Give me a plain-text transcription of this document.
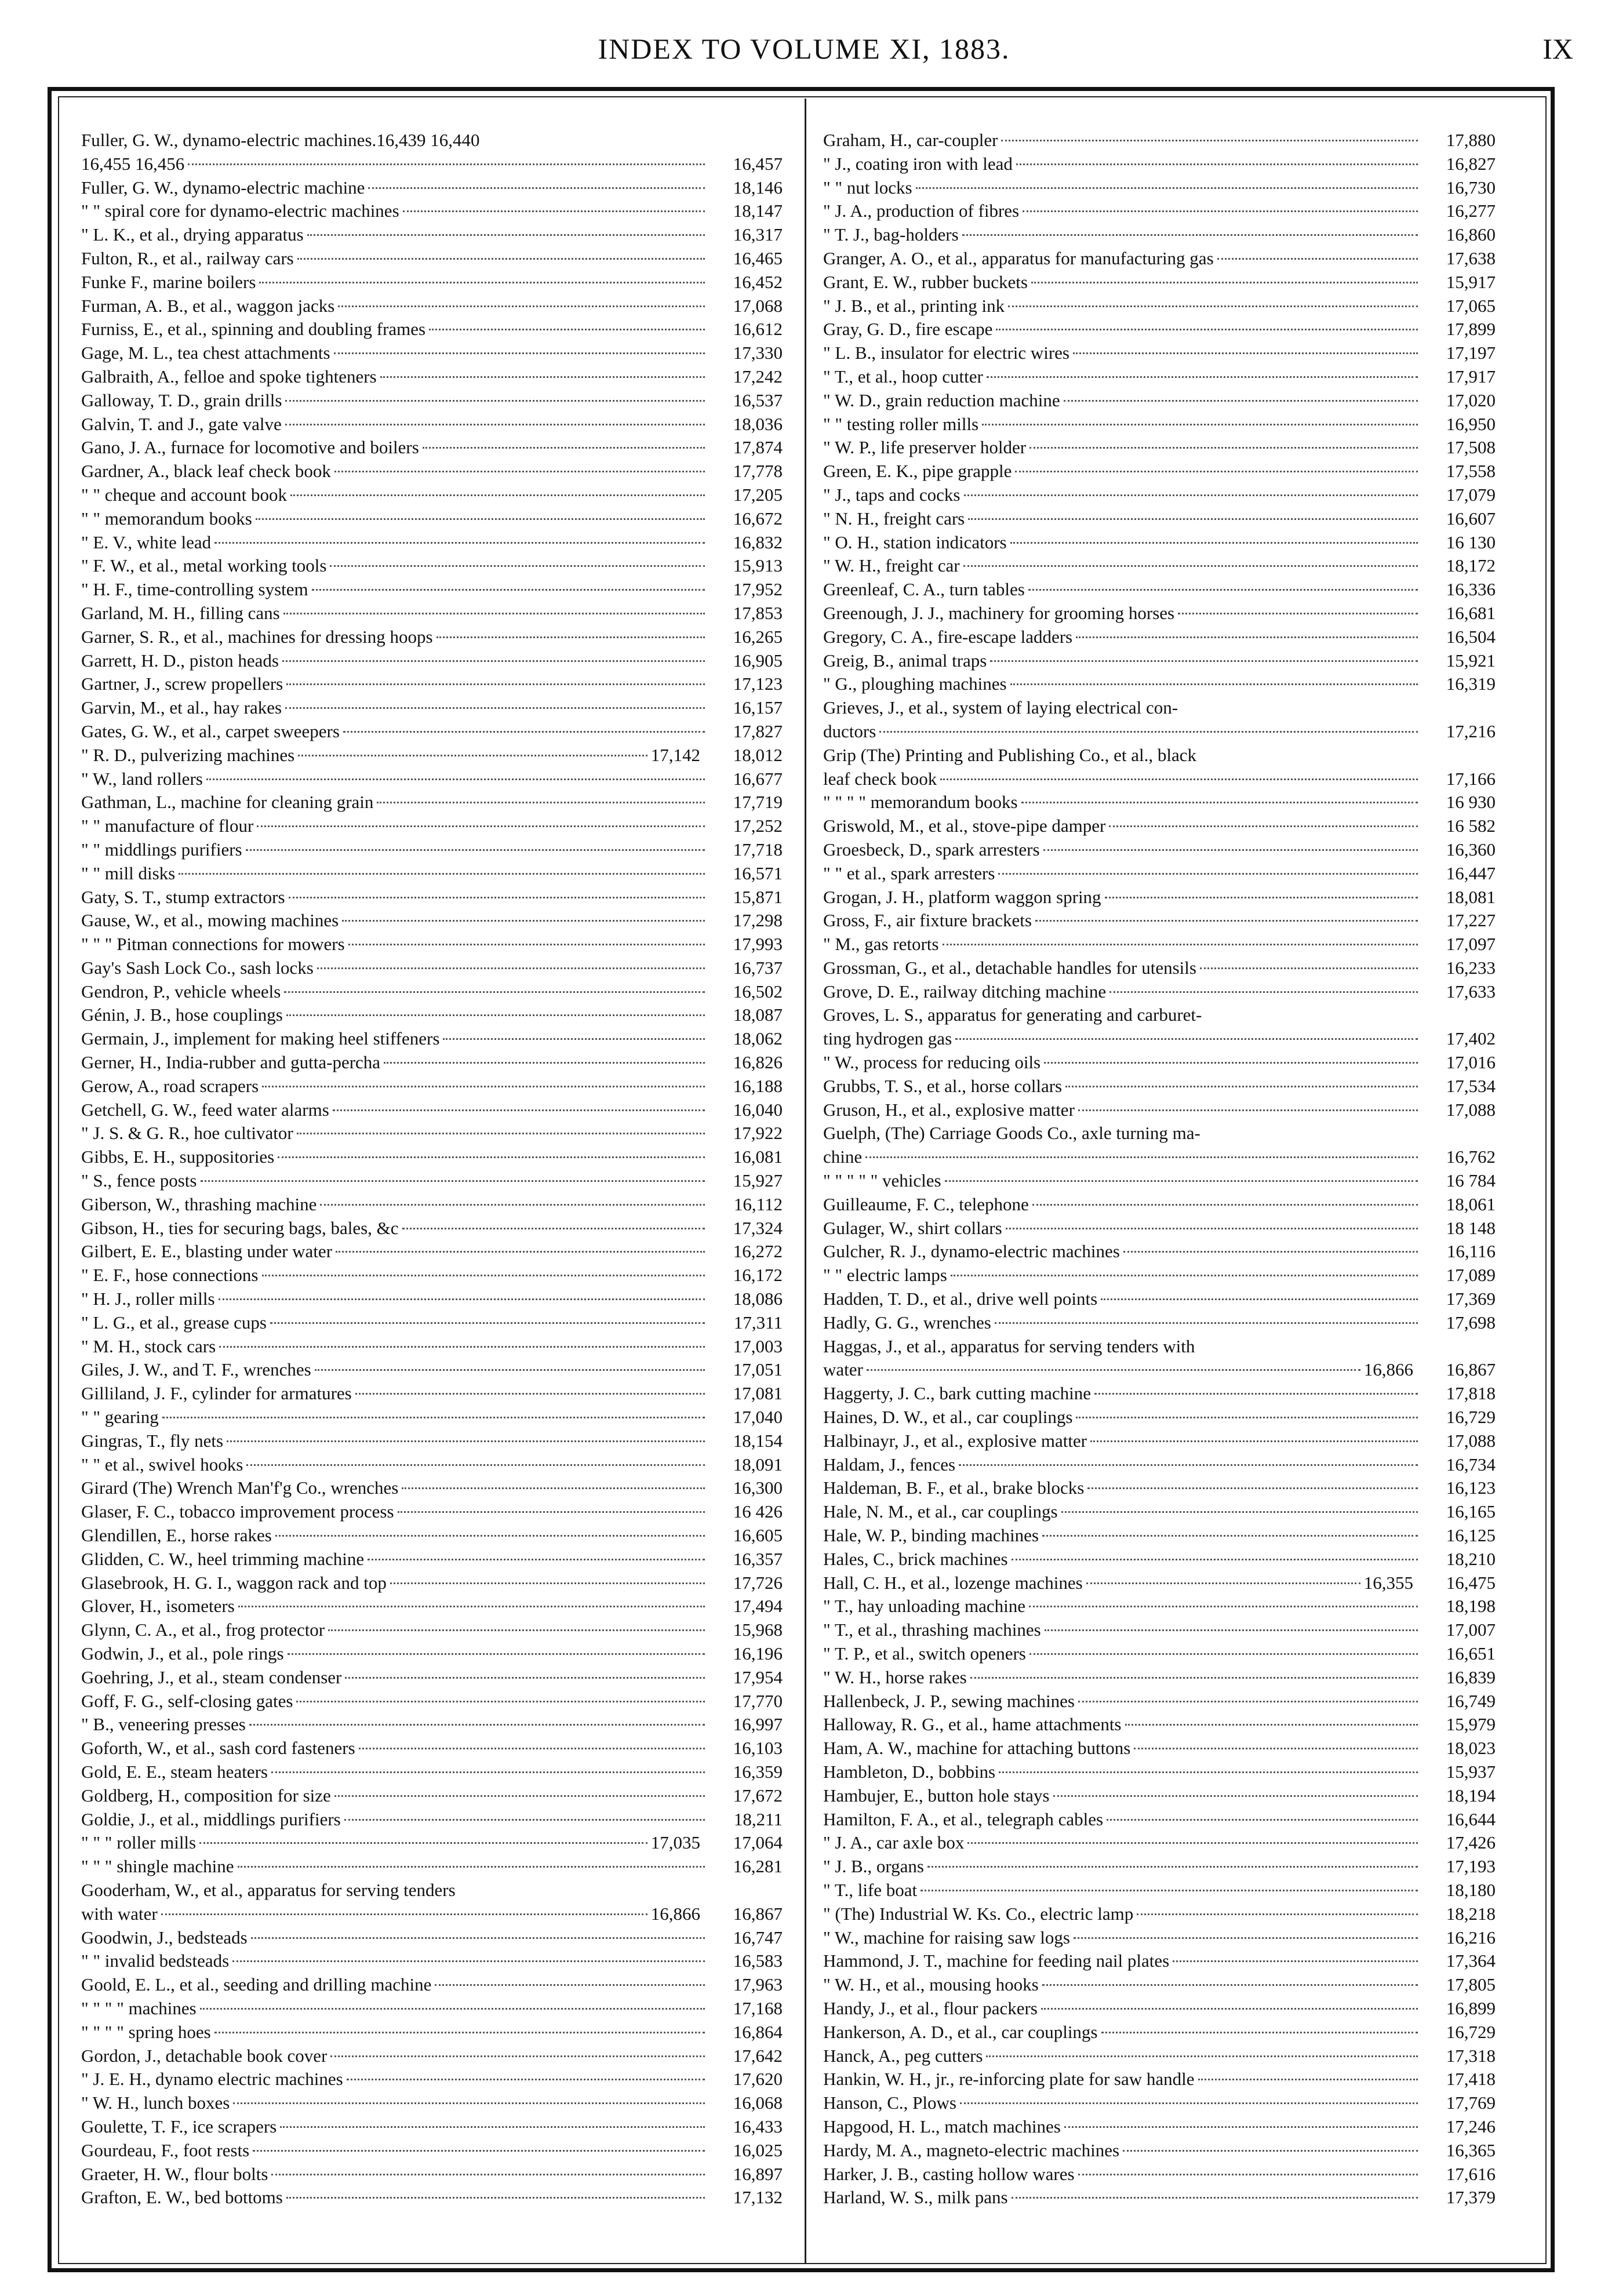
INDEX TO VOLUME XI, 1883.	IX
Fuller, G. W., dynamo-electric machines.16,439 16,440
16,455 16,456	16,457
Fuller, G. W., dynamo-electric machine	18,146
" " spiral core for dynamo-electric machines	18,147
" L. K., et al., drying apparatus	16,317
Fulton, R., et al., railway cars	16,465
Funke F., marine boilers	16,452
Furman, A. B., et al., waggon jacks	17,068
Furniss, E., et al., spinning and doubling frames	16,612
Gage, M. L., tea chest attachments	17,330
Galbraith, A., felloe and spoke tighteners	17,242
Galloway, T. D., grain drills	16,537
Galvin, T. and J., gate valve	18,036
Gano, J. A., furnace for locomotive and boilers	17,874
Gardner, A., black leaf check book	17,778
" " cheque and account book	17,205
" " memorandum books	16,672
" E. V., white lead	16,832
" F. W., et al., metal working tools	15,913
" H. F., time-controlling system	17,952
Garland, M. H., filling cans	17,853
Garner, S. R., et al., machines for dressing hoops	16,265
Garrett, H. D., piston heads	16,905
Gartner, J., screw propellers	17,123
Garvin, M., et al., hay rakes	16,157
Gates, G. W., et al., carpet sweepers	17,827
" R. D., pulverizing machines	17,142	18,012
" W., land rollers	16,677
Gathman, L., machine for cleaning grain	17,719
" " manufacture of flour	17,252
" " middlings purifiers	17,718
" " mill disks	16,571
Gaty, S. T., stump extractors	15,871
Gause, W., et al., mowing machines	17,298
" " " Pitman connections for mowers	17,993
Gay's Sash Lock Co., sash locks	16,737
Gendron, P., vehicle wheels	16,502
Génin, J. B., hose couplings	18,087
Germain, J., implement for making heel stiffeners	18,062
Gerner, H., India-rubber and gutta-percha	16,826
Gerow, A., road scrapers	16,188
Getchell, G. W., feed water alarms	16,040
" J. S. & G. R., hoe cultivator	17,922
Gibbs, E. H., suppositories	16,081
" S., fence posts	15,927
Giberson, W., thrashing machine	16,112
Gibson, H., ties for securing bags, bales, &c	17,324
Gilbert, E. E., blasting under water	16,272
" E. F., hose connections	16,172
" H. J., roller mills	18,086
" L. G., et al., grease cups	17,311
" M. H., stock cars	17,003
Giles, J. W., and T. F., wrenches	17,051
Gilliland, J. F., cylinder for armatures	17,081
" " gearing	17,040
Gingras, T., fly nets	18,154
" " et al., swivel hooks	18,091
Girard (The) Wrench Man'f'g Co., wrenches	16,300
Glaser, F. C., tobacco improvement process	16 426
Glendillen, E., horse rakes	16,605
Glidden, C. W., heel trimming machine	16,357
Glasebrook, H. G. I., waggon rack and top	17,726
Glover, H., isometers	17,494
Glynn, C. A., et al., frog protector	15,968
Godwin, J., et al., pole rings	16,196
Goehring, J., et al., steam condenser	17,954
Goff, F. G., self-closing gates	17,770
" B., veneering presses	16,997
Goforth, W., et al., sash cord fasteners	16,103
Gold, E. E., steam heaters	16,359
Goldberg, H., composition for size	17,672
Goldie, J., et al., middlings purifiers	18,211
" " " roller mills	17,035	17,064
" " " shingle machine	16,281
Gooderham, W., et al., apparatus for serving tenders
with water	16,866	16,867
Goodwin, J., bedsteads	16,747
" " invalid bedsteads	16,583
Goold, E. L., et al., seeding and drilling machine	17,963
" " " " machines	17,168
" " " " spring hoes	16,864
Gordon, J., detachable book cover	17,642
" J. E. H., dynamo electric machines	17,620
" W. H., lunch boxes	16,068
Goulette, T. F., ice scrapers	16,433
Gourdeau, F., foot rests	16,025
Graeter, H. W., flour bolts	16,897
Grafton, E. W., bed bottoms	17,132
Graham, H., car-coupler	17,880
" J., coating iron with lead	16,827
" " nut locks	16,730
" J. A., production of fibres	16,277
" T. J., bag-holders	16,860
Granger, A. O., et al., apparatus for manufacturing gas	17,638
Grant, E. W., rubber buckets	15,917
" J. B., et al., printing ink	17,065
Gray, G. D., fire escape	17,899
" L. B., insulator for electric wires	17,197
" T., et al., hoop cutter	17,917
" W. D., grain reduction machine	17,020
" " testing roller mills	16,950
" W. P., life preserver holder	17,508
Green, E. K., pipe grapple	17,558
" J., taps and cocks	17,079
" N. H., freight cars	16,607
" O. H., station indicators	16 130
" W. H., freight car	18,172
Greenleaf, C. A., turn tables	16,336
Greenough, J. J., machinery for grooming horses	16,681
Gregory, C. A., fire-escape ladders	16,504
Greig, B., animal traps	15,921
" G., ploughing machines	16,319
Grieves, J., et al., system of laying electrical con-
ductors	17,216
Grip (The) Printing and Publishing Co., et al., black
leaf check book	17,166
" " " " memorandum books	16 930
Griswold, M., et al., stove-pipe damper	16 582
Groesbeck, D., spark arresters	16,360
" " et al., spark arresters	16,447
Grogan, J. H., platform waggon spring	18,081
Gross, F., air fixture brackets	17,227
" M., gas retorts	17,097
Grossman, G., et al., detachable handles for utensils	16,233
Grove, D. E., railway ditching machine	17,633
Groves, L. S., apparatus for generating and carburet-
ting hydrogen gas	17,402
" W., process for reducing oils	17,016
Grubbs, T. S., et al., horse collars	17,534
Gruson, H., et al., explosive matter	17,088
Guelph, (The) Carriage Goods Co., axle turning ma-
chine	16,762
" " " " " vehicles	16 784
Guilleaume, F. C., telephone	18,061
Gulager, W., shirt collars	18 148
Gulcher, R. J., dynamo-electric machines	16,116
" " electric lamps	17,089
Hadden, T. D., et al., drive well points	17,369
Hadly, G. G., wrenches	17,698
Haggas, J., et al., apparatus for serving tenders with
water	16,866	16,867
Haggerty, J. C., bark cutting machine	17,818
Haines, D. W., et al., car couplings	16,729
Halbinayr, J., et al., explosive matter	17,088
Haldam, J., fences	16,734
Haldeman, B. F., et al., brake blocks	16,123
Hale, N. M., et al., car couplings	16,165
Hale, W. P., binding machines	16,125
Hales, C., brick machines	18,210
Hall, C. H., et al., lozenge machines	16,355	16,475
" T., hay unloading machine	18,198
" T., et al., thrashing machines	17,007
" T. P., et al., switch openers	16,651
" W. H., horse rakes	16,839
Hallenbeck, J. P., sewing machines	16,749
Halloway, R. G., et al., hame attachments	15,979
Ham, A. W., machine for attaching buttons	18,023
Hambleton, D., bobbins	15,937
Hambujer, E., button hole stays	18,194
Hamilton, F. A., et al., telegraph cables	16,644
" J. A., car axle box	17,426
" J. B., organs	17,193
" T., life boat	18,180
" (The) Industrial W. Ks. Co., electric lamp	18,218
" W., machine for raising saw logs	16,216
Hammond, J. T., machine for feeding nail plates	17,364
" W. H., et al., mousing hooks	17,805
Handy, J., et al., flour packers	16,899
Hankerson, A. D., et al., car couplings	16,729
Hanck, A., peg cutters	17,318
Hankin, W. H., jr., re-inforcing plate for saw handle	17,418
Hanson, C., Plows	17,769
Hapgood, H. L., match machines	17,246
Hardy, M. A., magneto-electric machines	16,365
Harker, J. B., casting hollow wares	17,616
Harland, W. S., milk pans	17,379
